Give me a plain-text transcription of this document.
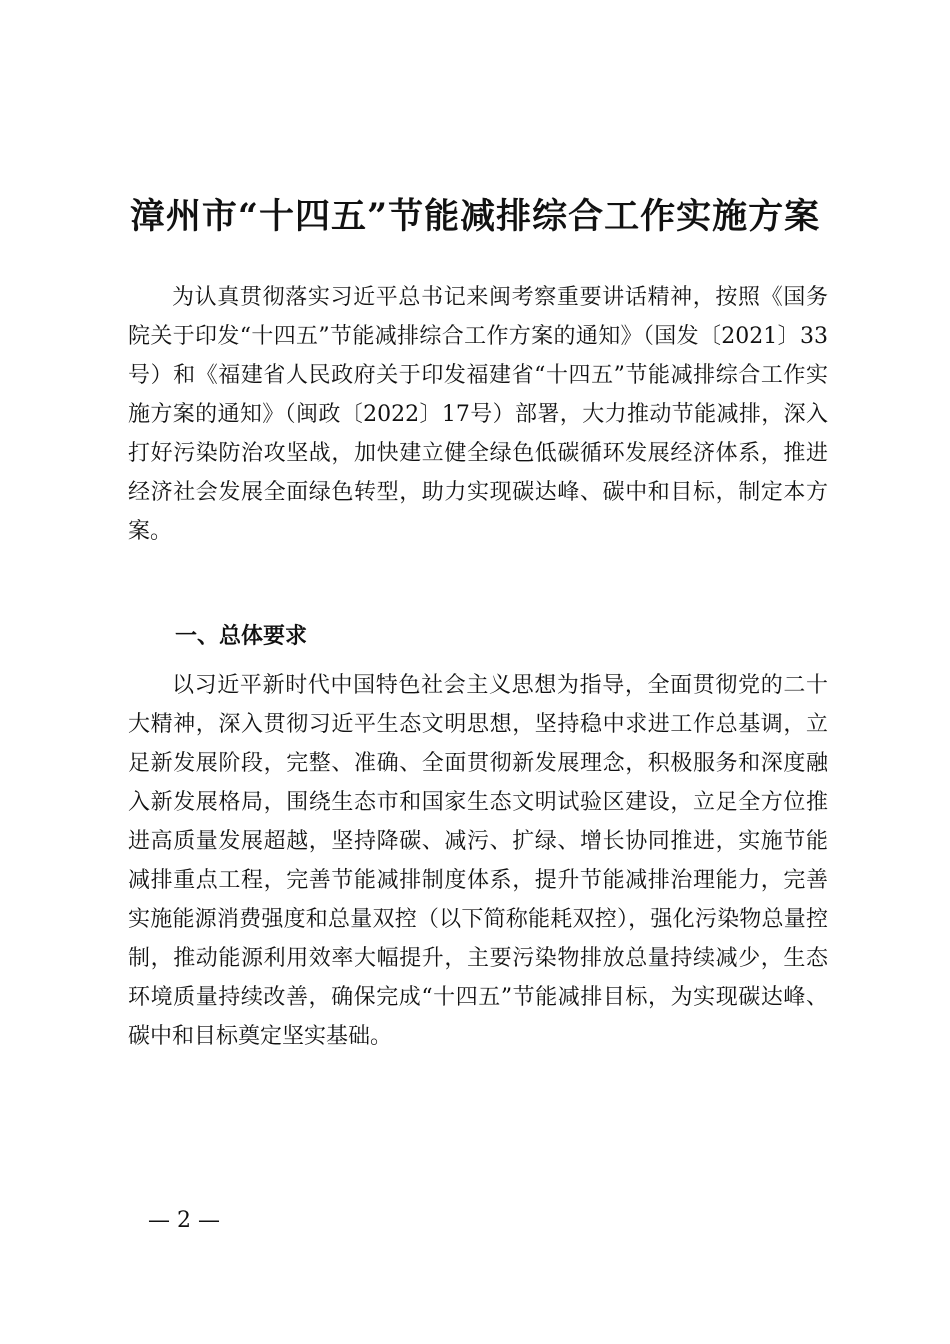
漳州市“十四五”节能减排综合工作实施方案

为认真贯彻落实习近平总书记来闽考察重要讲话精神，按照《国务院关于印发“十四五”节能减排综合工作方案的通知》（国发〔2021〕33号）和《福建省人民政府关于印发福建省“十四五”节能减排综合工作实施方案的通知》（闽政〔2022〕17号）部署，大力推动节能减排，深入打好污染防治攻坚战，加快建立健全绿色低碳循环发展经济体系，推进经济社会发展全面绿色转型，助力实现碳达峰、碳中和目标，制定本方案。

一、总体要求

以习近平新时代中国特色社会主义思想为指导，全面贯彻党的二十大精神，深入贯彻习近平生态文明思想，坚持稳中求进工作总基调，立足新发展阶段，完整、准确、全面贯彻新发展理念，积极服务和深度融入新发展格局，围绕生态市和国家生态文明试验区建设，立足全方位推进高质量发展超越，坚持降碳、减污、扩绿、增长协同推进，实施节能减排重点工程，完善节能减排制度体系，提升节能减排治理能力，完善实施能源消费强度和总量双控（以下简称能耗双控），强化污染物总量控制，推动能源利用效率大幅提升，主要污染物排放总量持续减少，生态环境质量持续改善，确保完成“十四五”节能减排目标，为实现碳达峰、碳中和目标奠定坚实基础。

— 2 —
